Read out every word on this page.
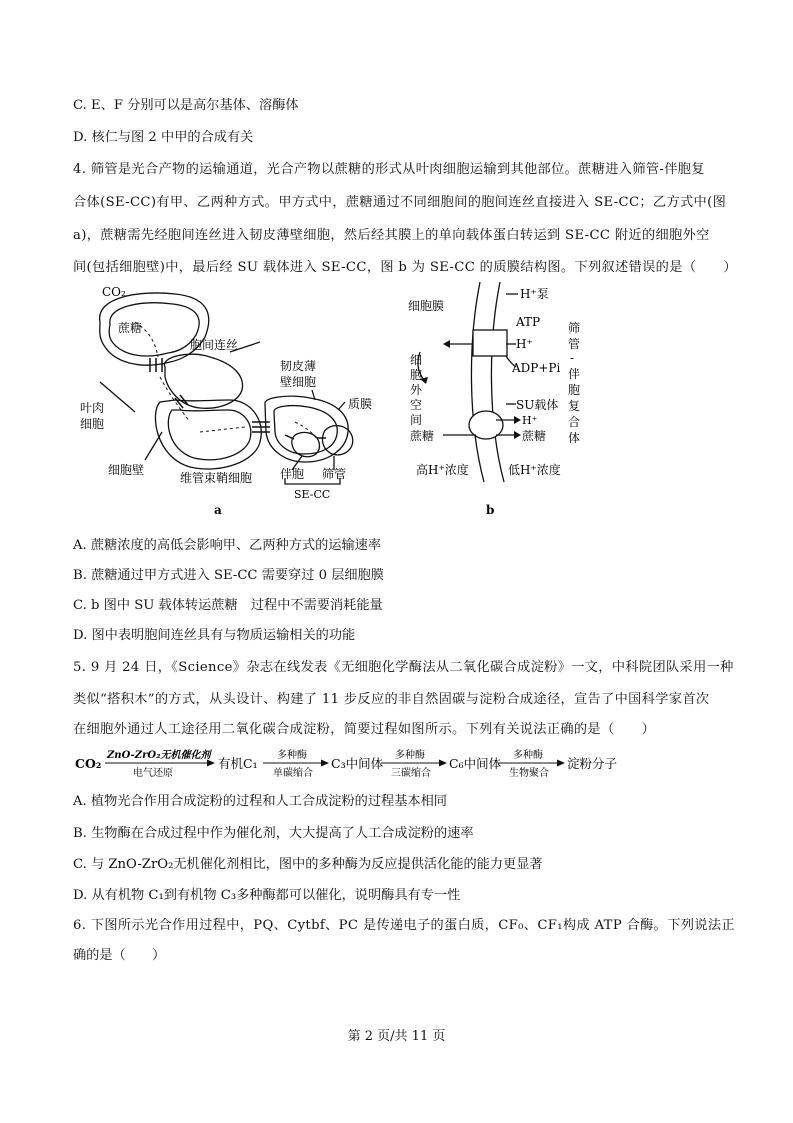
C. E、F 分别可以是高尔基体、溶酶体
D. 核仁与图 2 中甲的合成有关
4. 筛管是光合产物的运输通道，光合产物以蔗糖的形式从叶肉细胞运输到其他部位。蔗糖进入筛管-伴胞复
合体(SE-CC)有甲、乙两种方式。甲方式中，蔗糖通过不同细胞间的胞间连丝直接进入 SE-CC；乙方式中(图
a)，蔗糖需先经胞间连丝进入韧皮薄壁细胞，然后经其膜上的单向载体蛋白转运到 SE-CC 附近的细胞外空
间(包括细胞壁)中，最后经 SU 载体进入 SE-CC，图 b 为 SE-CC 的质膜结构图。下列叙述错误的是（　　）
CO₂
蔗糖
胞间连丝
叶肉
细胞
细胞壁
维管束鞘细胞
韧皮薄
壁细胞
质膜
伴胞 筛管
SE-CC
a
细胞膜
H⁺泵
ATP
H⁺
ADP+Pi
细
胞
外
空
间
SU载体
H⁺
蔗糖	蔗糖
高H⁺浓度	低H⁺浓度
筛
管
-
伴
胞
复
合
体
b
A. 蔗糖浓度的高低会影响甲、乙两种方式的运输速率
B. 蔗糖通过甲方式进入 SE-CC 需要穿过 0 层细胞膜
C. b 图中 SU 载体转运蔗糖　过程中不需要消耗能量
D. 图中表明胞间连丝具有与物质运输相关的功能
5. 9 月 24 日，《Science》杂志在线发表《无细胞化学酶法从二氧化碳合成淀粉》一文，中科院团队采用一种
类似“搭积木”的方式，从头设计、构建了 11 步反应的非自然固碳与淀粉合成途径，宣告了中国科学家首次
在细胞外通过人工途径用二氧化碳合成淀粉，简要过程如图所示。下列有关说法正确的是（　　）
CO₂
ZnO-ZrO₂无机催化剂
电气还原
有机C₁
多种酶
单碳缩合
C₃中间体
多种酶
三碳缩合
C₆中间体
多种酶
生物聚合
淀粉分子
A. 植物光合作用合成淀粉的过程和人工合成淀粉的过程基本相同
B. 生物酶在合成过程中作为催化剂，大大提高了人工合成淀粉的速率
C. 与 ZnO-ZrO₂无机催化剂相比，图中的多种酶为反应提供活化能的能力更显著
D. 从有机物 C₁到有机物 C₃多种酶都可以催化，说明酶具有专一性
6. 下图所示光合作用过程中，PQ、Cytbf、PC 是传递电子的蛋白质，CF₀、CF₁构成 ATP 合酶。下列说法正
确的是（　　）
第 2 页/共 11 页
